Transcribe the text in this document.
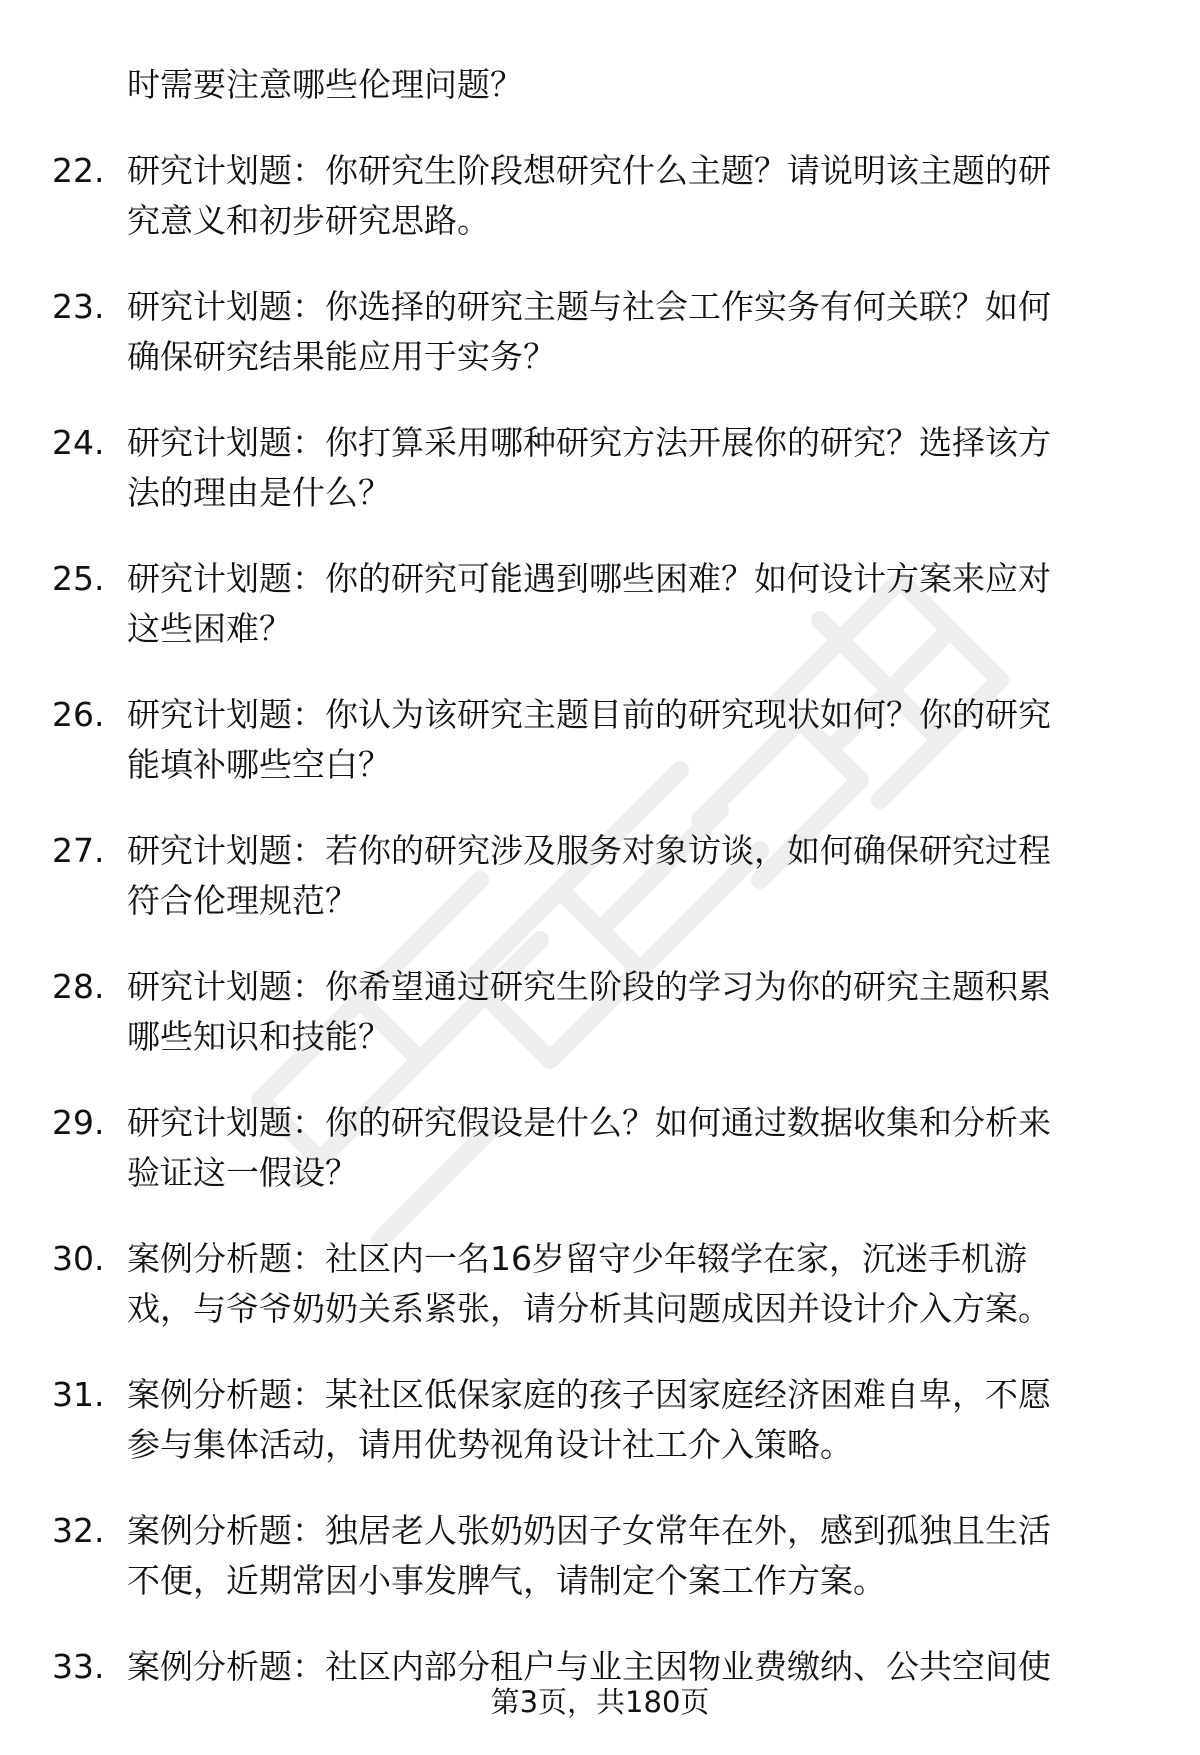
时需要注意哪些伦理问题？
22. 研究计划题：你研究生阶段想研究什么主题？请说明该主题的研
究意义和初步研究思路。
23. 研究计划题：你选择的研究主题与社会工作实务有何关联？如何
确保研究结果能应用于实务？
24. 研究计划题：你打算采用哪种研究方法开展你的研究？选择该方
法的理由是什么？
25. 研究计划题：你的研究可能遇到哪些困难？如何设计方案来应对
这些困难？
26. 研究计划题：你认为该研究主题目前的研究现状如何？你的研究
能填补哪些空白？
27. 研究计划题：若你的研究涉及服务对象访谈，如何确保研究过程
符合伦理规范？
28. 研究计划题：你希望通过研究生阶段的学习为你的研究主题积累
哪些知识和技能？
29. 研究计划题：你的研究假设是什么？如何通过数据收集和分析来
验证这一假设？
30. 案例分析题：社区内一名16岁留守少年辍学在家，沉迷手机游
戏，与爷爷奶奶关系紧张，请分析其问题成因并设计介入方案。
31. 案例分析题：某社区低保家庭的孩子因家庭经济困难自卑，不愿
参与集体活动，请用优势视角设计社工介入策略。
32. 案例分析题：独居老人张奶奶因子女常年在外，感到孤独且生活
不便，近期常因小事发脾气，请制定个案工作方案。
33. 案例分析题：社区内部分租户与业主因物业费缴纳、公共空间使
第3页，共180页
